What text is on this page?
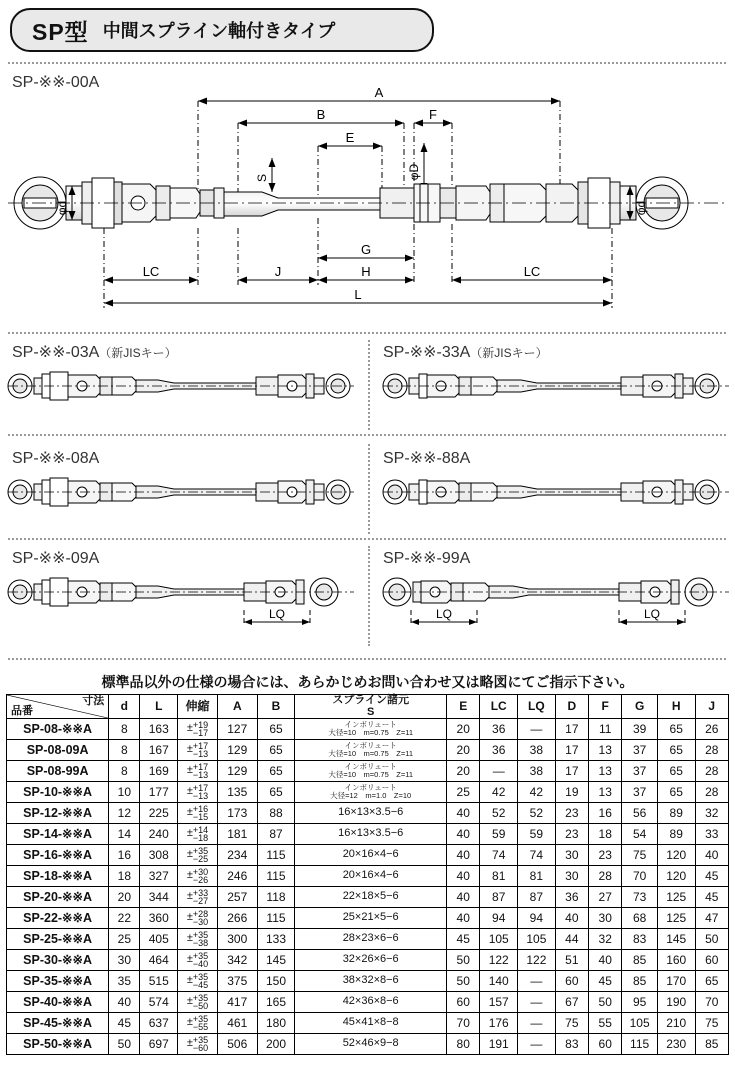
SP型 中間スプライン軸付きタイプ
SP-※※-00A
A
B	F
E
G
LC	LC
J	H
L
φD
S
φd	φd
SP-※※-03A（新JISキー）	SP-※※-33A（新JISキー）
SP-※※-08A	SP-※※-88A
SP-※※-09A	SP-※※-99A
LQ	LQ	LQ
標準品以外の仕様の場合には、あらかじめお問い合わせ又は略図にてご指示下さい。
寸法
品番	d	L	伸縮	A	B	スプライン諸元
S	E	LC	LQ	D	F	G	H	J

SP-08-※※A	8	163	± +19
−17	127	65	インボリュート
大径=10　m=0.75　Z=11	20	36	—	17	11	39	65	26
SP-08-09A	8	167	± +17
−13	129	65	インボリュート
大径=10　m=0.75　Z=11	20	36	38	17	13	37	65	28
SP-08-99A	8	169	± +17
−13	129	65	インボリュート
大径=10　m=0.75　Z=11	20	—	38	17	13	37	65	28
SP-10-※※A	10	177	± +17
−13	135	65	インボリュート
大径=12　m=1.0　Z=10	25	42	42	19	13	37	65	28
SP-12-※※A	12	225	± +16
−15	173	88	16×13×3.5−6	40	52	52	23	16	56	89	32
SP-14-※※A	14	240	± +14
−18	181	87	16×13×3.5−6	40	59	59	23	18	54	89	33
SP-16-※※A	16	308	± +35
−25	234	115	20×16×4−6	40	74	74	30	23	75	120	40
SP-18-※※A	18	327	± +30
−26	246	115	20×16×4−6	40	81	81	30	28	70	120	45
SP-20-※※A	20	344	± +33
−27	257	118	22×18×5−6	40	87	87	36	27	73	125	45
SP-22-※※A	22	360	± +28
−30	266	115	25×21×5−6	40	94	94	40	30	68	125	47
SP-25-※※A	25	405	± +35
−38	300	133	28×23×6−6	45	105	105	44	32	83	145	50
SP-30-※※A	30	464	± +35
−40	342	145	32×26×6−6	50	122	122	51	40	85	160	60
SP-35-※※A	35	515	± +35
−45	375	150	38×32×8−6	50	140	—	60	45	85	170	65
SP-40-※※A	40	574	± +35
−50	417	165	42×36×8−6	60	157	—	67	50	95	190	70
SP-45-※※A	45	637	± +35
−55	461	180	45×41×8−8	70	176	—	75	55	105	210	75
SP-50-※※A	50	697	± +35
−60	506	200	52×46×9−8	80	191	—	83	60	115	230	85
